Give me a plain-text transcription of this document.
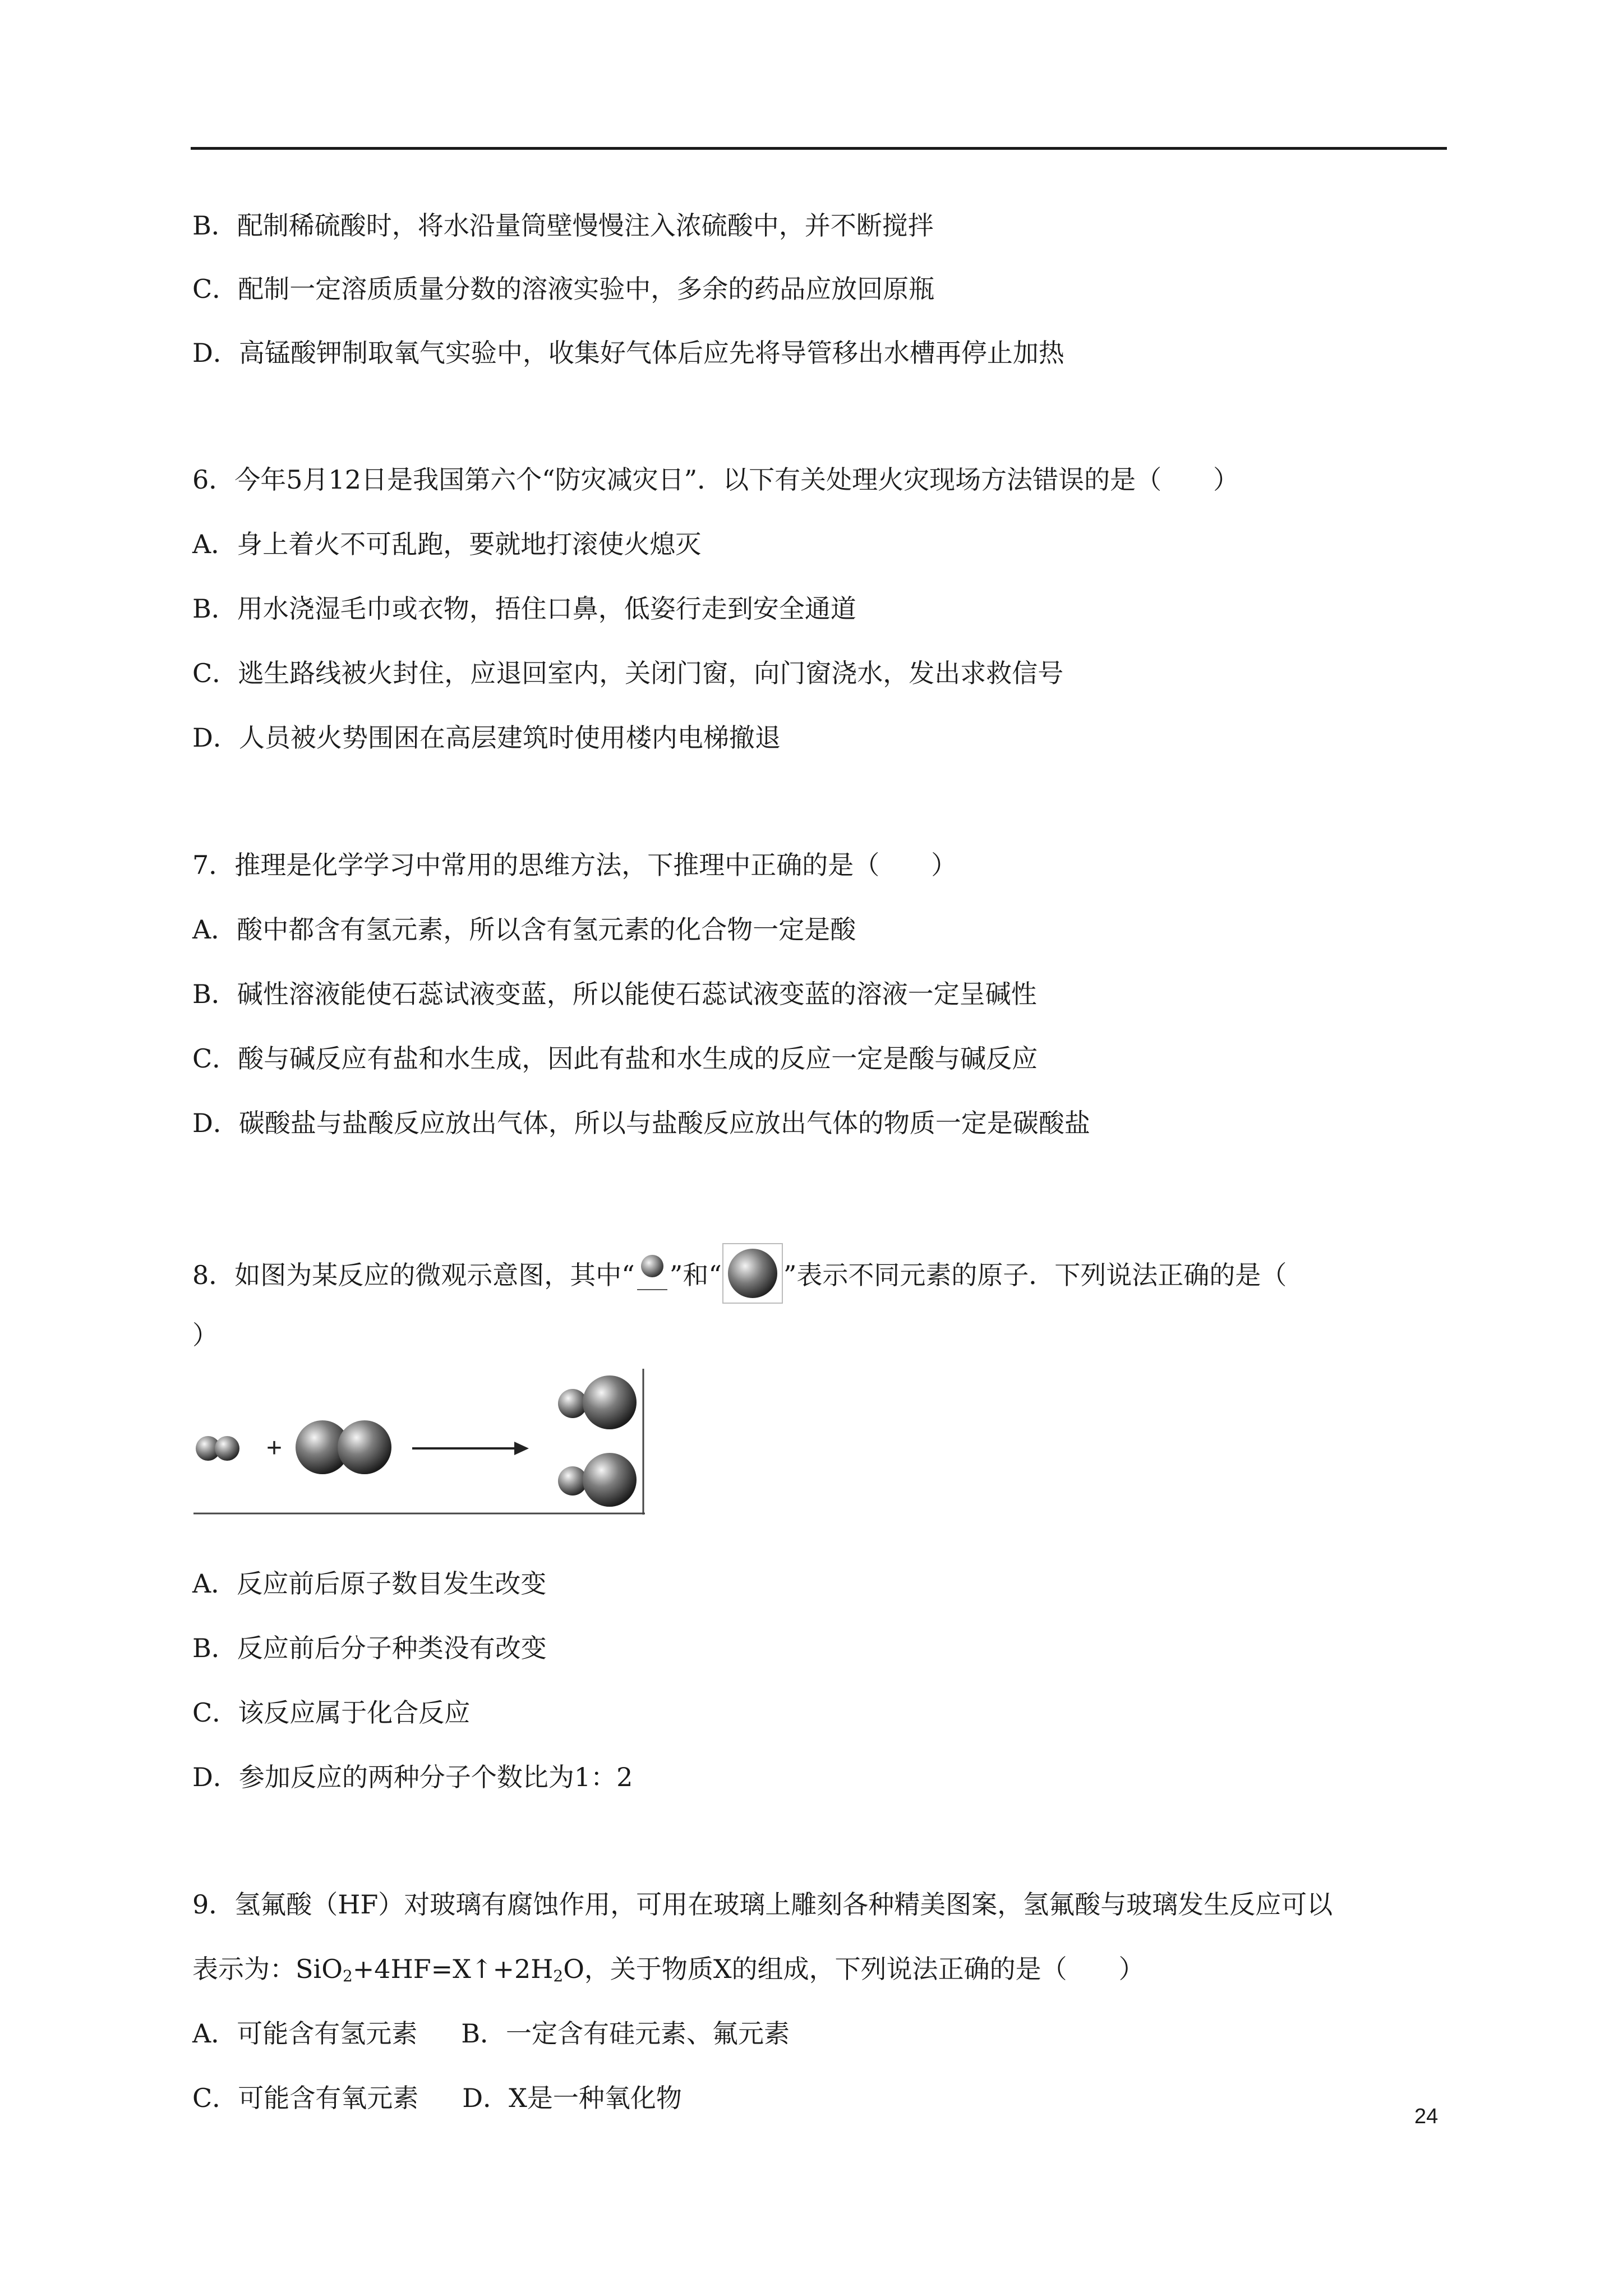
B．配制稀硫酸时，将水沿量筒壁慢慢注入浓硫酸中，并不断搅拌
C．配制一定溶质质量分数的溶液实验中，多余的药品应放回原瓶
D．高锰酸钾制取氧气实验中，收集好气体后应先将导管移出水槽再停止加热
6．今年5月12日是我国第六个“防灾减灾日”．以下有关处理火灾现场方法错误的是（　　）
A．身上着火不可乱跑，要就地打滚使火熄灭
B．用水浇湿毛巾或衣物，捂住口鼻，低姿行走到安全通道
C．逃生路线被火封住，应退回室内，关闭门窗，向门窗浇水，发出求救信号
D．人员被火势围困在高层建筑时使用楼内电梯撤退
7．推理是化学学习中常用的思维方法，下推理中正确的是（　　）
A．酸中都含有氢元素，所以含有氢元素的化合物一定是酸
B．碱性溶液能使石蕊试液变蓝，所以能使石蕊试液变蓝的溶液一定呈碱性
C．酸与碱反应有盐和水生成，因此有盐和水生成的反应一定是酸与碱反应
D．碳酸盐与盐酸反应放出气体，所以与盐酸反应放出气体的物质一定是碳酸盐
8．如图为某反应的微观示意图，其中“ ”和“ ”表示不同元素的原子．下列说法正确的是（
）
+
A．反应前后原子数目发生改变
B．反应前后分子种类没有改变
C．该反应属于化合反应
D．参加反应的两种分子个数比为1：2
9．氢氟酸（HF）对玻璃有腐蚀作用，可用在玻璃上雕刻各种精美图案，氢氟酸与玻璃发生反应可以
表示为：$SiO_2+4HF=X↑+2H_2O$，关于物质X的组成，下列说法正确的是（　　）
A．可能含有氢元素 B．一定含有硅元素、氟元素
C．可能含有氧元素 D．X是一种氧化物
24
